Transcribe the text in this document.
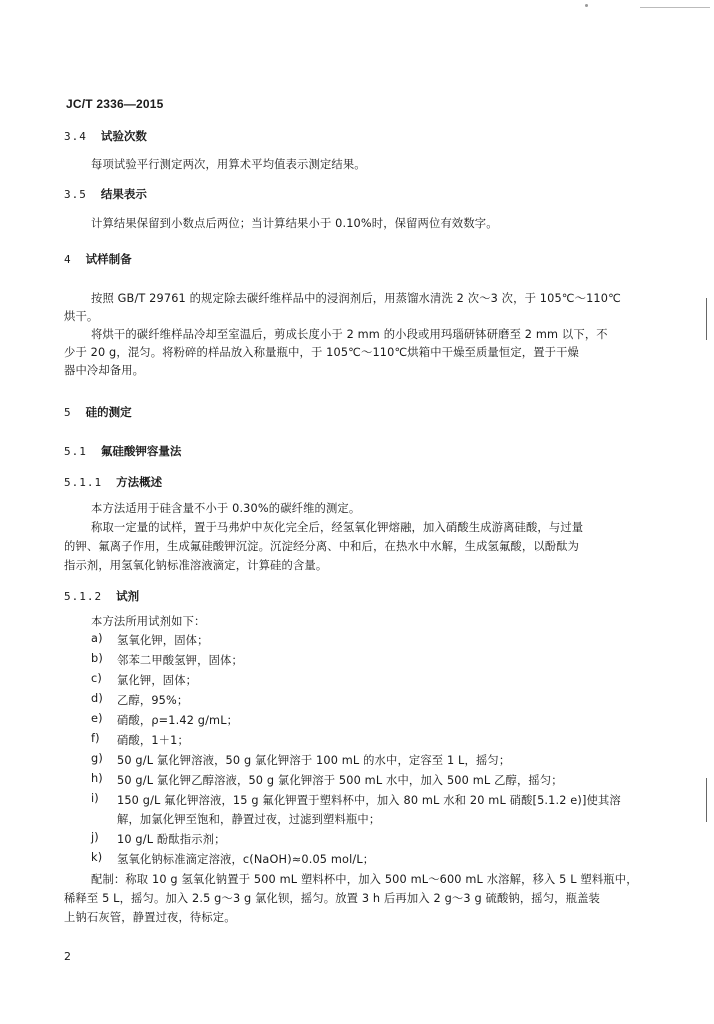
JC/T 2336—2015
3.4 试验次数
每项试验平行测定两次，用算术平均值表示测定结果。
3.5 结果表示
计算结果保留到小数点后两位；当计算结果小于 0.10%时，保留两位有效数字。
4 试样制备
按照 GB/T 29761 的规定除去碳纤维样品中的浸润剂后，用蒸馏水清洗 2 次～3 次，于 105℃～110℃
烘干。
将烘干的碳纤维样品冷却至室温后，剪成长度小于 2 mm 的小段或用玛瑙研钵研磨至 2 mm 以下，不
少于 20 g，混匀。将粉碎的样品放入称量瓶中，于 105℃～110℃烘箱中干燥至质量恒定，置于干燥
器中冷却备用。
5 硅的测定
5.1 氟硅酸钾容量法
5.1.1 方法概述
本方法适用于硅含量不小于 0.30%的碳纤维的测定。
称取一定量的试样，置于马弗炉中灰化完全后，经氢氧化钾熔融，加入硝酸生成游离硅酸，与过量
的钾、氟离子作用，生成氟硅酸钾沉淀。沉淀经分离、中和后，在热水中水解，生成氢氟酸，以酚酞为
指示剂，用氢氧化钠标准溶液滴定，计算硅的含量。
5.1.2 试剂
本方法所用试剂如下：
a) 氢氧化钾，固体；
b) 邻苯二甲酸氢钾，固体；
c) 氯化钾，固体；
d) 乙醇，95%；
e) 硝酸，ρ=1.42 g/mL；
f) 硝酸，1＋1；
g) 50 g/L 氯化钾溶液，50 g 氯化钾溶于 100 mL 的水中，定容至 1 L，摇匀；
h) 50 g/L 氯化钾乙醇溶液，50 g 氯化钾溶于 500 mL 水中，加入 500 mL 乙醇，摇匀；
i) 150 g/L 氟化钾溶液，15 g 氟化钾置于塑料杯中，加入 80 mL 水和 20 mL 硝酸[5.1.2 e)]使其溶
解，加氯化钾至饱和，静置过夜，过滤到塑料瓶中；
j) 10 g/L 酚酞指示剂；
k) 氢氧化钠标准滴定溶液，c(NaOH)≈0.05 mol/L；
配制：称取 10 g 氢氧化钠置于 500 mL 塑料杯中，加入 500 mL～600 mL 水溶解，移入 5 L 塑料瓶中，
稀释至 5 L，摇匀。加入 2.5 g～3 g 氯化钡，摇匀。放置 3 h 后再加入 2 g～3 g 硫酸钠，摇匀，瓶盖装
上钠石灰管，静置过夜，待标定。
2
